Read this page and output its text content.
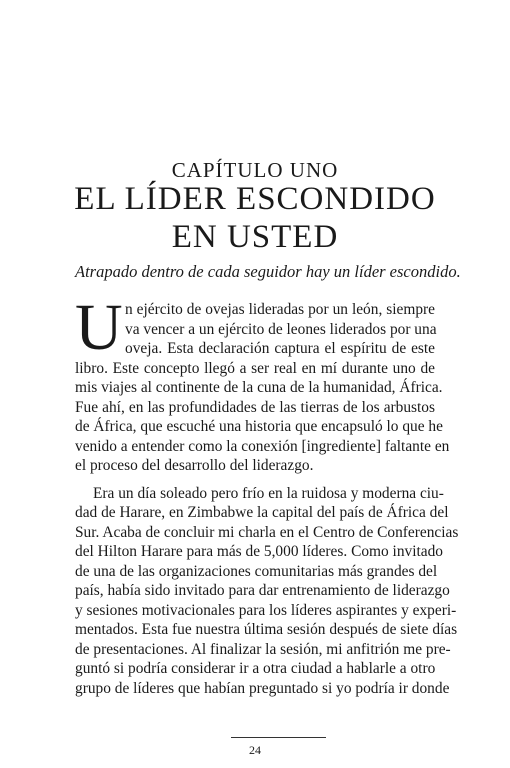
CAPÍTULO UNO
EL LÍDER ESCONDIDO
EN USTED
Atrapado dentro de cada seguidor hay un líder escondido.
U n ejército de ovejas lideradas por un león, siempre
va vencer a un ejército de leones liderados por una
oveja. Esta declaración captura el espíritu de este
libro. Este concepto llegó a ser real en mí durante uno de
mis viajes al continente de la cuna de la humanidad, África.
Fue ahí, en las profundidades de las tierras de los arbustos
de África, que escuché una historia que encapsuló lo que he
venido a entender como la conexión [ingrediente] faltante en
el proceso del desarrollo del liderazgo.
Era un día soleado pero frío en la ruidosa y moderna ciu-
dad de Harare, en Zimbabwe la capital del país de África del
Sur. Acaba de concluir mi charla en el Centro de Conferencias
del Hilton Harare para más de 5,000 líderes. Como invitado
de una de las organizaciones comunitarias más grandes del
país, había sido invitado para dar entrenamiento de liderazgo
y sesiones motivacionales para los líderes aspirantes y experi-
mentados. Esta fue nuestra última sesión después de siete días
de presentaciones. Al finalizar la sesión, mi anfitrión me pre-
guntó si podría considerar ir a otra ciudad a hablarle a otro
grupo de líderes que habían preguntado si yo podría ir donde
24
